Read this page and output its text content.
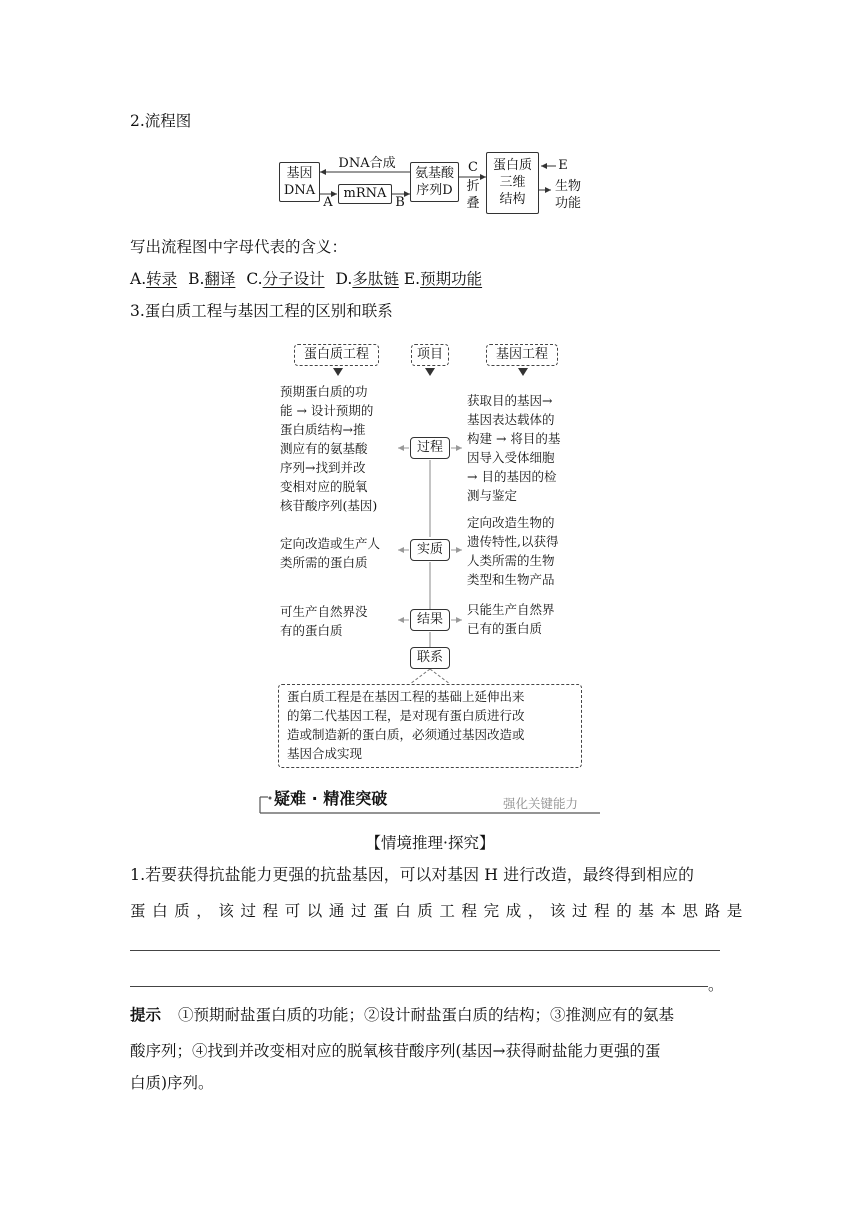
2.流程图
基因
DNA
DNA合成
mRNA
A	B
氨基酸
序列D
C
折
叠
蛋白质
三维
结构
E
生物
功能
写出流程图中字母代表的含义：
A.转录 B.翻译 C.分子设计 D.多肽链 E.预期功能
3.蛋白质工程与基因工程的区别和联系
蛋白质工程	项目	基因工程
预期蛋白质的功
能 → 设计预期的
蛋白质结构→推
测应有的氨基酸
序列→找到并改
变相对应的脱氧
核苷酸序列(基因)
过程
获取目的基因→
基因表达载体的
构建 → 将目的基
因导入受体细胞
→ 目的基因的检
测与鉴定
定向改造或生产人
类所需的蛋白质
实质
定向改造生物的
遗传特性,以获得
人类所需的生物
类型和生物产品
可生产自然界没
有的蛋白质
结果
只能生产自然界
已有的蛋白质
联系
蛋白质工程是在基因工程的基础上延伸出来
的第二代基因工程，是对现有蛋白质进行改
造或制造新的蛋白质，必须通过基因改造或
基因合成实现
疑难 · 精准突破	强化关键能力
【情境推理·探究】
1.若要获得抗盐能力更强的抗盐基因，可以对基因 H 进行改造，最终得到相应的
蛋白质，该过程可以通过蛋白质工程完成，该过程的基本思路是
。
提示 ①预期耐盐蛋白质的功能；②设计耐盐蛋白质的结构；③推测应有的氨基
酸序列；④找到并改变相对应的脱氧核苷酸序列(基因→获得耐盐能力更强的蛋
白质)序列。
